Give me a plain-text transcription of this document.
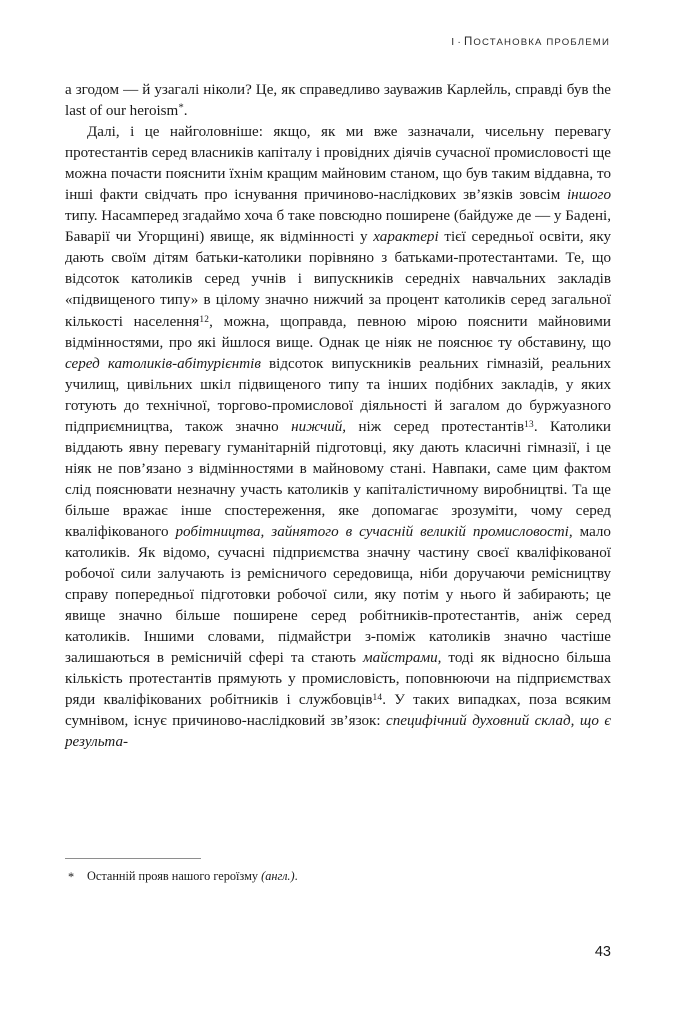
I · ПОСТАНОВКА ПРОБЛЕМИ

а згодом — й узагалі ніколи? Це, як справедливо зауважив Карлейль, справді був the last of our heroism*.

Далі, і це найголовніше: якщо, як ми вже зазначали, чисельну перевагу протестантів серед власників капіталу і провідних діячів сучасної промисловості ще можна почасти пояснити їхнім кращим майновим станом, що був таким віддавна, то інші факти свідчать про існування причиново-наслідкових зв’язків зовсім іншого типу. Насамперед згадаймо хоча б таке повсюдно поширене (байдуже де — у Бадені, Баварії чи Угорщині) явище, як відмінності у характері тієї середньої освіти, яку дають своїм дітям батьки-католики порівняно з батьками-протестантами. Те, що відсоток католиків серед учнів і випускників середніх навчальних закладів «підвищеного типу» в цілому значно нижчий за процент католиків серед загальної кількості населення$^{12}$, можна, щоправда, певною мірою пояснити майновими відмінностями, про які йшлося вище. Однак це ніяк не пояснює ту обставину, що серед католиків-абітурієнтів відсоток випускників реальних гімназій, реальних училищ, цивільних шкіл підвищеного типу та інших подібних закладів, у яких готують до технічної, торгово-промислової діяльності й загалом до буржуазного підприємництва, також значно нижчий, ніж серед протестантів$^{13}$. Католики віддають явну перевагу гуманітарній підготовці, яку дають класичні гімназії, і це ніяк не пов’язано з відмінностями в майновому стані. Навпаки, саме цим фактом слід пояснювати незначну участь католиків у капіталістичному виробництві. Та ще більше вражає інше спостереження, яке допомагає зрозуміти, чому серед кваліфікованого робітництва, зайнятого в сучасній великій промисловості, мало католиків. Як відомо, сучасні підприємства значну частину своєї кваліфікованої робочої сили залучають із ремісничого середовища, ніби доручаючи ремісництву справу попередньої підготовки робочої сили, яку потім у нього й забирають; це явище значно більше поширене серед робітників-протестантів, аніж серед католиків. Іншими словами, підмайстри з-поміж католиків значно частіше залишаються в ремісничій сфері та стають майстрами, тоді як відносно більша кількість протестантів прямують у промисловість, поповнюючи на підприємствах ряди кваліфікованих робітників і службовців$^{14}$. У таких випадках, поза всяким сумнівом, існує причиново-наслідковий зв’язок: специфічний духовний склад, що є результа-

* Останній прояв нашого героїзму (англ.).

43
